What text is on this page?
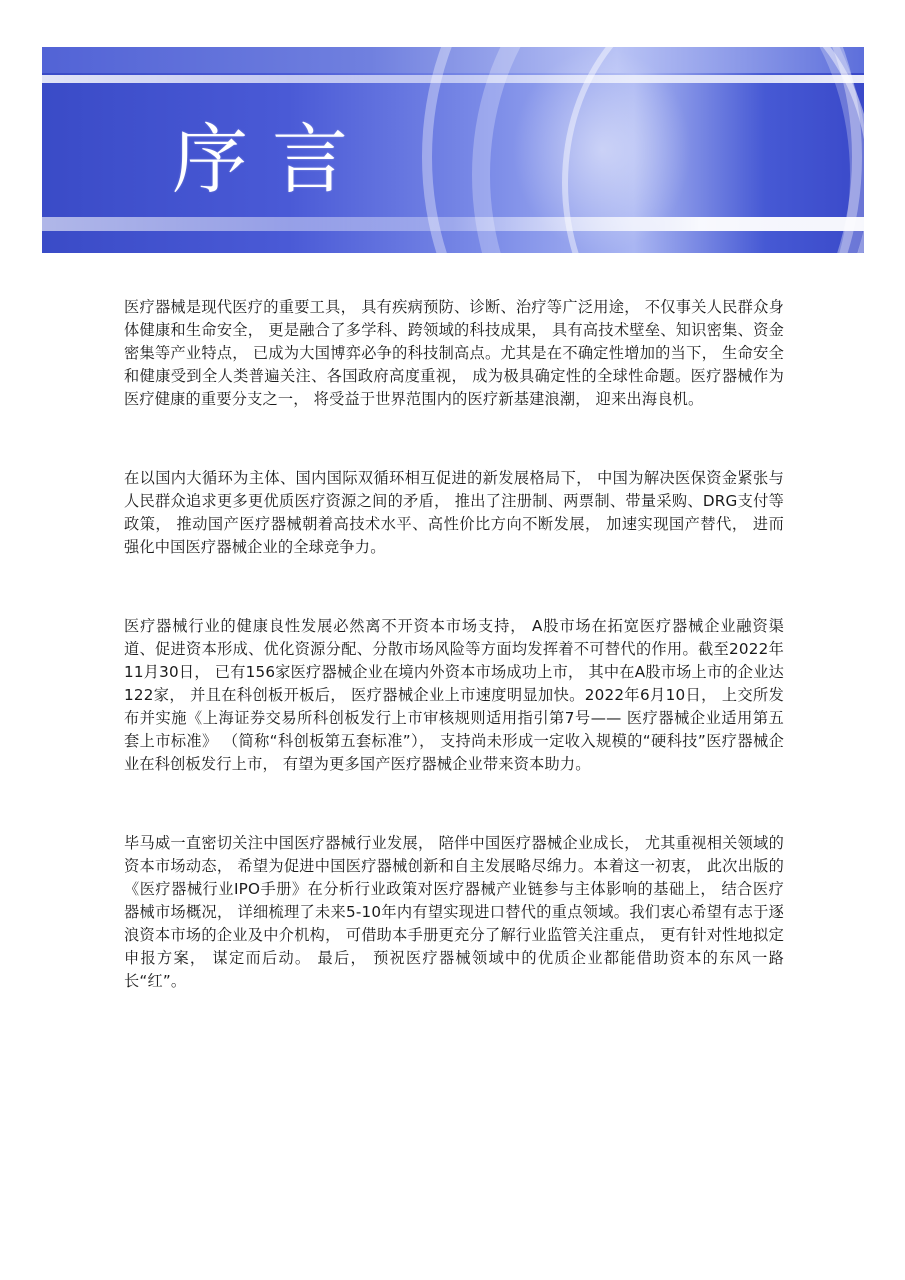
序言

医疗器械是现代医疗的重要工具， 具有疾病预防、诊断、治疗等广泛用途， 不仅事关人民群众身体健康和生命安全， 更是融合了多学科、跨领域的科技成果， 具有高技术壁垒、知识密集、资金密集等产业特点， 已成为大国博弈必争的科技制高点。尤其是在不确定性增加的当下， 生命安全和健康受到全人类普遍关注、各国政府高度重视， 成为极具确定性的全球性命题。医疗器械作为医疗健康的重要分支之一， 将受益于世界范围内的医疗新基建浪潮， 迎来出海良机。

在以国内大循环为主体、国内国际双循环相互促进的新发展格局下， 中国为解决医保资金紧张与人民群众追求更多更优质医疗资源之间的矛盾， 推出了注册制、两票制、带量采购、DRG支付等政策， 推动国产医疗器械朝着高技术水平、高性价比方向不断发展， 加速实现国产替代， 进而强化中国医疗器械企业的全球竞争力。

医疗器械行业的健康良性发展必然离不开资本市场支持， A股市场在拓宽医疗器械企业融资渠道、促进资本形成、优化资源分配、分散市场风险等方面均发挥着不可替代的作用。截至2022年11月30日， 已有156家医疗器械企业在境内外资本市场成功上市， 其中在A股市场上市的企业达122家， 并且在科创板开板后， 医疗器械企业上市速度明显加快。2022年6月10日， 上交所发布并实施《上海证券交易所科创板发行上市审核规则适用指引第7号—— 医疗器械企业适用第五套上市标准》 （简称“科创板第五套标准”）， 支持尚未形成一定收入规模的“硬科技”医疗器械企业在科创板发行上市， 有望为更多国产医疗器械企业带来资本助力。

毕马威一直密切关注中国医疗器械行业发展， 陪伴中国医疗器械企业成长， 尤其重视相关领域的资本市场动态， 希望为促进中国医疗器械创新和自主发展略尽绵力。本着这一初衷， 此次出版的《医疗器械行业IPO手册》在分析行业政策对医疗器械产业链参与主体影响的基础上， 结合医疗器械市场概况， 详细梳理了未来5-10年内有望实现进口替代的重点领域。我们衷心希望有志于逐浪资本市场的企业及中介机构， 可借助本手册更充分了解行业监管关注重点， 更有针对性地拟定申报方案， 谋定而后动。 最后， 预祝医疗器械领域中的优质企业都能借助资本的东风一路长“红”。
